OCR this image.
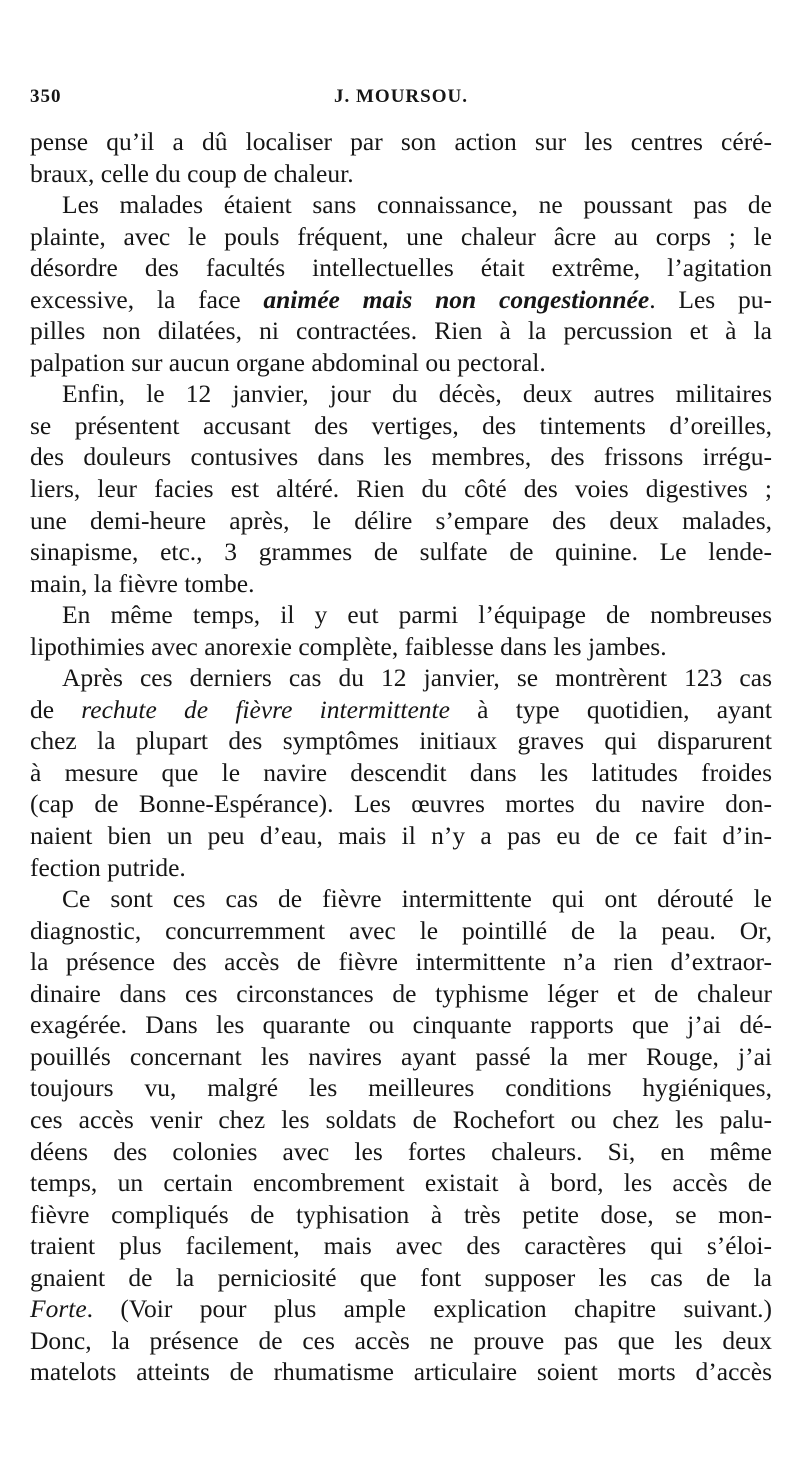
350	J. MOURSOU.
pense qu’il a dû localiser par son action sur les centres céré-
braux, celle du coup de chaleur.
Les malades étaient sans connaissance, ne poussant pas de
plainte, avec le pouls fréquent, une chaleur âcre au corps ; le
désordre des facultés intellectuelles était extrême, l’agitation
excessive, la face animée mais non congestionnée. Les pu-
pilles non dilatées, ni contractées. Rien à la percussion et à la
palpation sur aucun organe abdominal ou pectoral.
Enfin, le 12 janvier, jour du décès, deux autres militaires
se présentent accusant des vertiges, des tintements d’oreilles,
des douleurs contusives dans les membres, des frissons irrégu-
liers, leur facies est altéré. Rien du côté des voies digestives ;
une demi-heure après, le délire s’empare des deux malades,
sinapisme, etc., 3 grammes de sulfate de quinine. Le lende-
main, la fièvre tombe.
En même temps, il y eut parmi l’équipage de nombreuses
lipothimies avec anorexie complète, faiblesse dans les jambes.
Après ces derniers cas du 12 janvier, se montrèrent 123 cas
de rechute de fièvre intermittente à type quotidien, ayant
chez la plupart des symptômes initiaux graves qui disparurent
à mesure que le navire descendit dans les latitudes froides
(cap de Bonne-Espérance). Les œuvres mortes du navire don-
naient bien un peu d’eau, mais il n’y a pas eu de ce fait d’in-
fection putride.
Ce sont ces cas de fièvre intermittente qui ont dérouté le
diagnostic, concurremment avec le pointillé de la peau. Or,
la présence des accès de fièvre intermittente n’a rien d’extraor-
dinaire dans ces circonstances de typhisme léger et de chaleur
exagérée. Dans les quarante ou cinquante rapports que j’ai dé-
pouillés concernant les navires ayant passé la mer Rouge, j’ai
toujours vu, malgré les meilleures conditions hygiéniques,
ces accès venir chez les soldats de Rochefort ou chez les palu-
déens des colonies avec les fortes chaleurs. Si, en même
temps, un certain encombrement existait à bord, les accès de
fièvre compliqués de typhisation à très petite dose, se mon-
traient plus facilement, mais avec des caractères qui s’éloi-
gnaient de la perniciosité que font supposer les cas de la
Forte. (Voir pour plus ample explication chapitre suivant.)
Donc, la présence de ces accès ne prouve pas que les deux
matelots atteints de rhumatisme articulaire soient morts d’accès
